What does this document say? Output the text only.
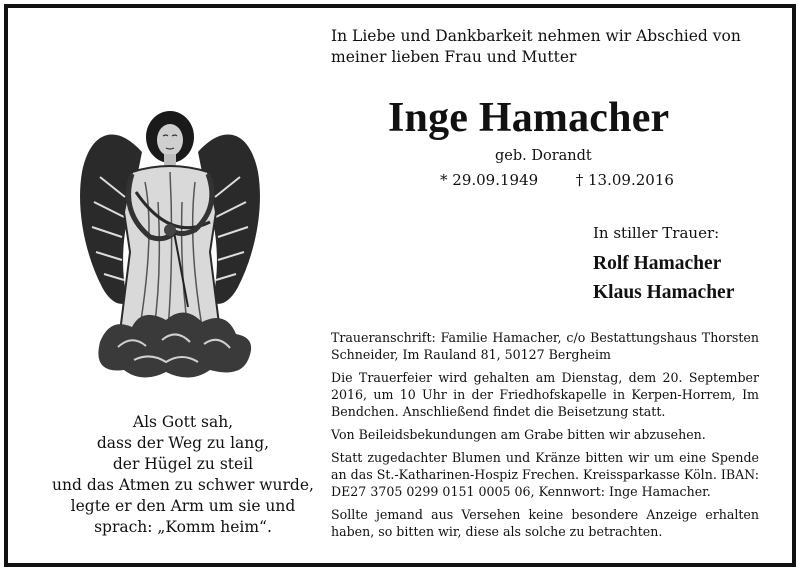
In Liebe und Dankbarkeit nehmen wir Abschied von
meiner lieben Frau und Mutter
Inge Hamacher
geb. Dorandt
* 29.09.1949	† 13.09.2016
In stiller Trauer:
Rolf Hamacher
Klaus Hamacher
Als Gott sah,
dass der Weg zu lang,
der Hügel zu steil
und das Atmen zu schwer wurde,
legte er den Arm um sie und
sprach: „Komm heim“.

Traueranschrift: Familie Hamacher, c/o Bestattungshaus Thorsten Schneider, Im Rauland 81, 50127 Bergheim

Die Trauerfeier wird gehalten am Dienstag, dem 20. September 2016, um 10 Uhr in der Friedhofskapelle in Kerpen-Horrem, Im Bendchen. Anschließend findet die Beisetzung statt.

Von Beileidsbekundungen am Grabe bitten wir abzusehen.

Statt zugedachter Blumen und Kränze bitten wir um eine Spende an das St.-Katharinen-Hospiz Frechen. Kreissparkasse Köln. IBAN: DE27 3705 0299 0151 0005 06, Kennwort: Inge Hamacher.

Sollte jemand aus Versehen keine besondere Anzeige erhalten haben, so bitten wir, diese als solche zu betrachten.
